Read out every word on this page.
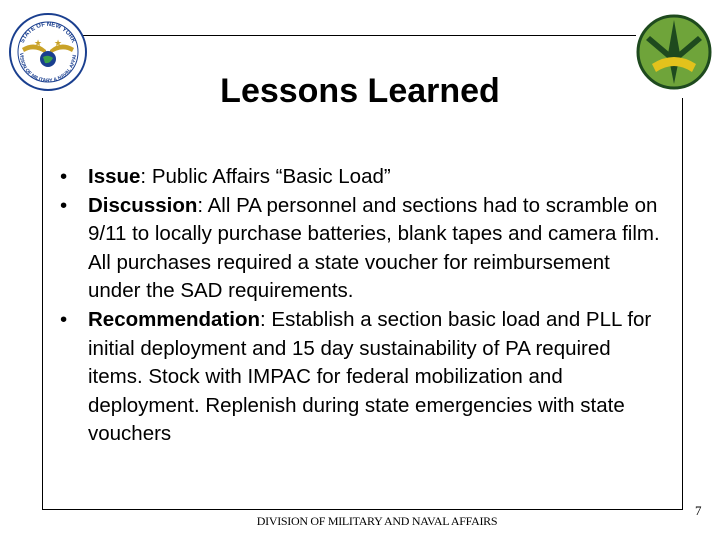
STATE OF NEW YORK
VISION OF MILITARY & NAVAL AFFAI
★ ★
Lessons Learned
• Issue: Public Affairs “Basic Load”
• Discussion: All PA personnel and sections had to scramble on 9/11 to locally purchase batteries, blank tapes and camera film. All purchases required a state voucher for reimbursement under the SAD requirements.
• Recommendation: Establish a section basic load and PLL for initial deployment and 15 day sustainability of PA required items. Stock with IMPAC for federal mobilization and deployment. Replenish during state emergencies with state vouchers
DIVISION OF MILITARY AND NAVAL AFFAIRS
7
